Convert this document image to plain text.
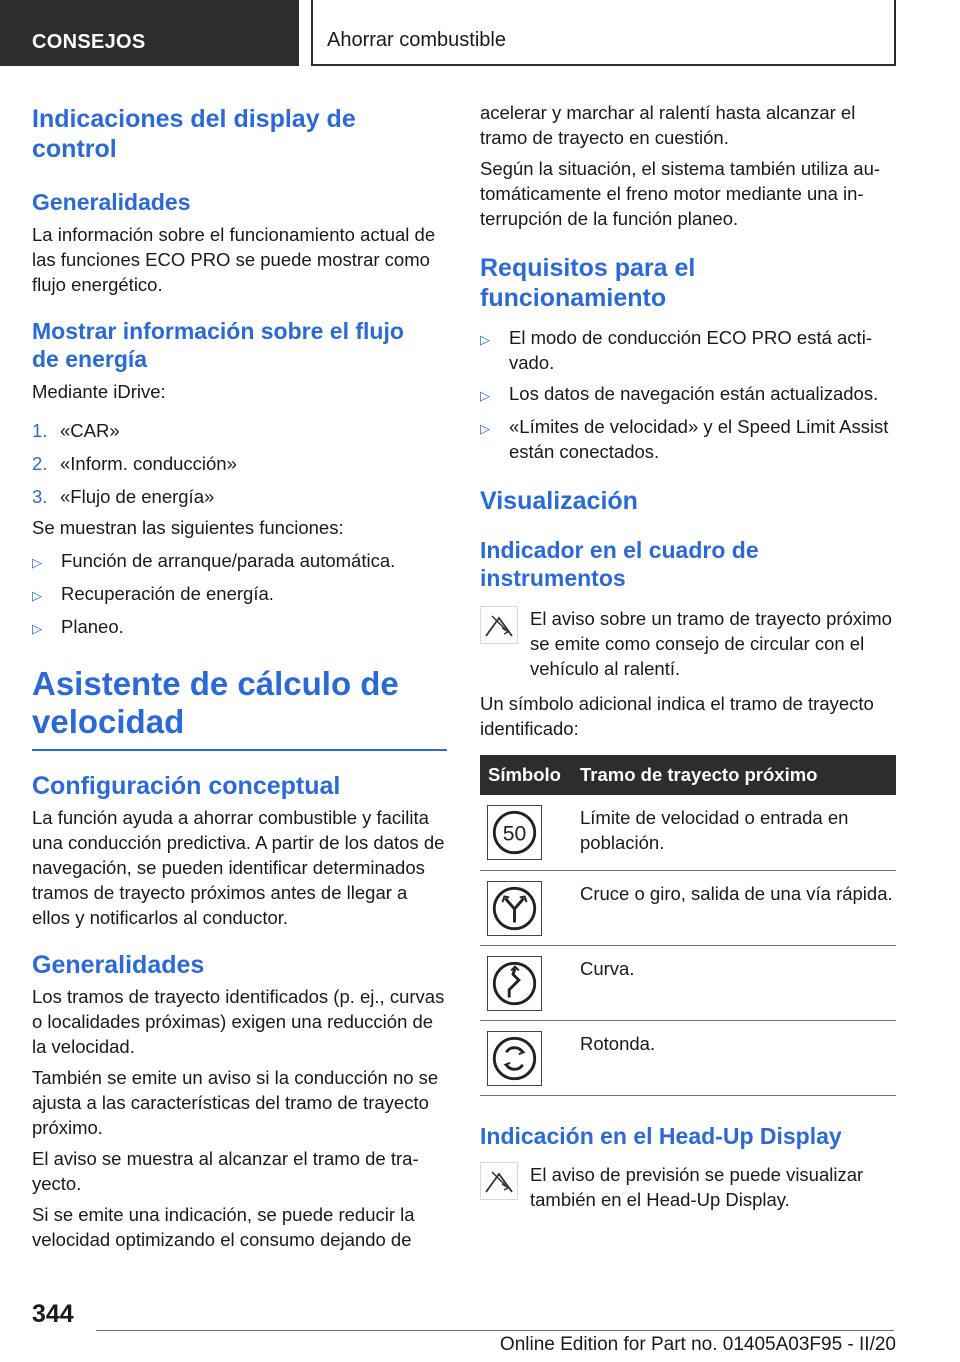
CONSEJOS	Ahorrar combustible
Indicaciones del display de control
Generalidades
La información sobre el funcionamiento actual de las funciones ECO PRO se puede mostrar como flujo energético.
Mostrar información sobre el flujo de energía
Mediante iDrive:
1. «CAR»
2. «Inform. conducción»
3. «Flujo de energía»
Se muestran las siguientes funciones:
▷	Función de arranque/parada automática.
▷	Recuperación de energía.
▷	Planeo.
Asistente de cálculo de velocidad
Configuración conceptual
La función ayuda a ahorrar combustible y facilita una conducción predictiva. A partir de los datos de navegación, se pueden identificar determinados tramos de trayecto próximos antes de llegar a ellos y notificarlos al conductor.
Generalidades
Los tramos de trayecto identificados (p. ej., curvas o localidades próximas) exigen una reducción de la velocidad.
También se emite un aviso si la conducción no se ajusta a las características del tramo de trayecto próximo.
El aviso se muestra al alcanzar el tramo de trayecto.
Si se emite una indicación, se puede reducir la velocidad optimizando el consumo dejando de
acelerar y marchar al ralentí hasta alcanzar el tramo de trayecto en cuestión.
Según la situación, el sistema también utiliza automáticamente el freno motor mediante una interrupción de la función planeo.
Requisitos para el funcionamiento
▷	El modo de conducción ECO PRO está activado.
▷	Los datos de navegación están actualizados.
▷	«Límites de velocidad» y el Speed Limit Assist están conectados.
Visualización
Indicador en el cuadro de instrumentos
El aviso sobre un tramo de trayecto próximo se emite como consejo de circular con el vehículo al ralentí.
Un símbolo adicional indica el tramo de trayecto identificado:
Símbolo	Tramo de trayecto próximo

50	Límite de velocidad o entrada en población.

	Cruce o giro, salida de una vía rápida.

	Curva.

	Rotonda.
Indicación en el Head-Up Display
El aviso de previsión se puede visualizar también en el Head-Up Display.
344
Online Edition for Part no. 01405A03F95 - II/20
